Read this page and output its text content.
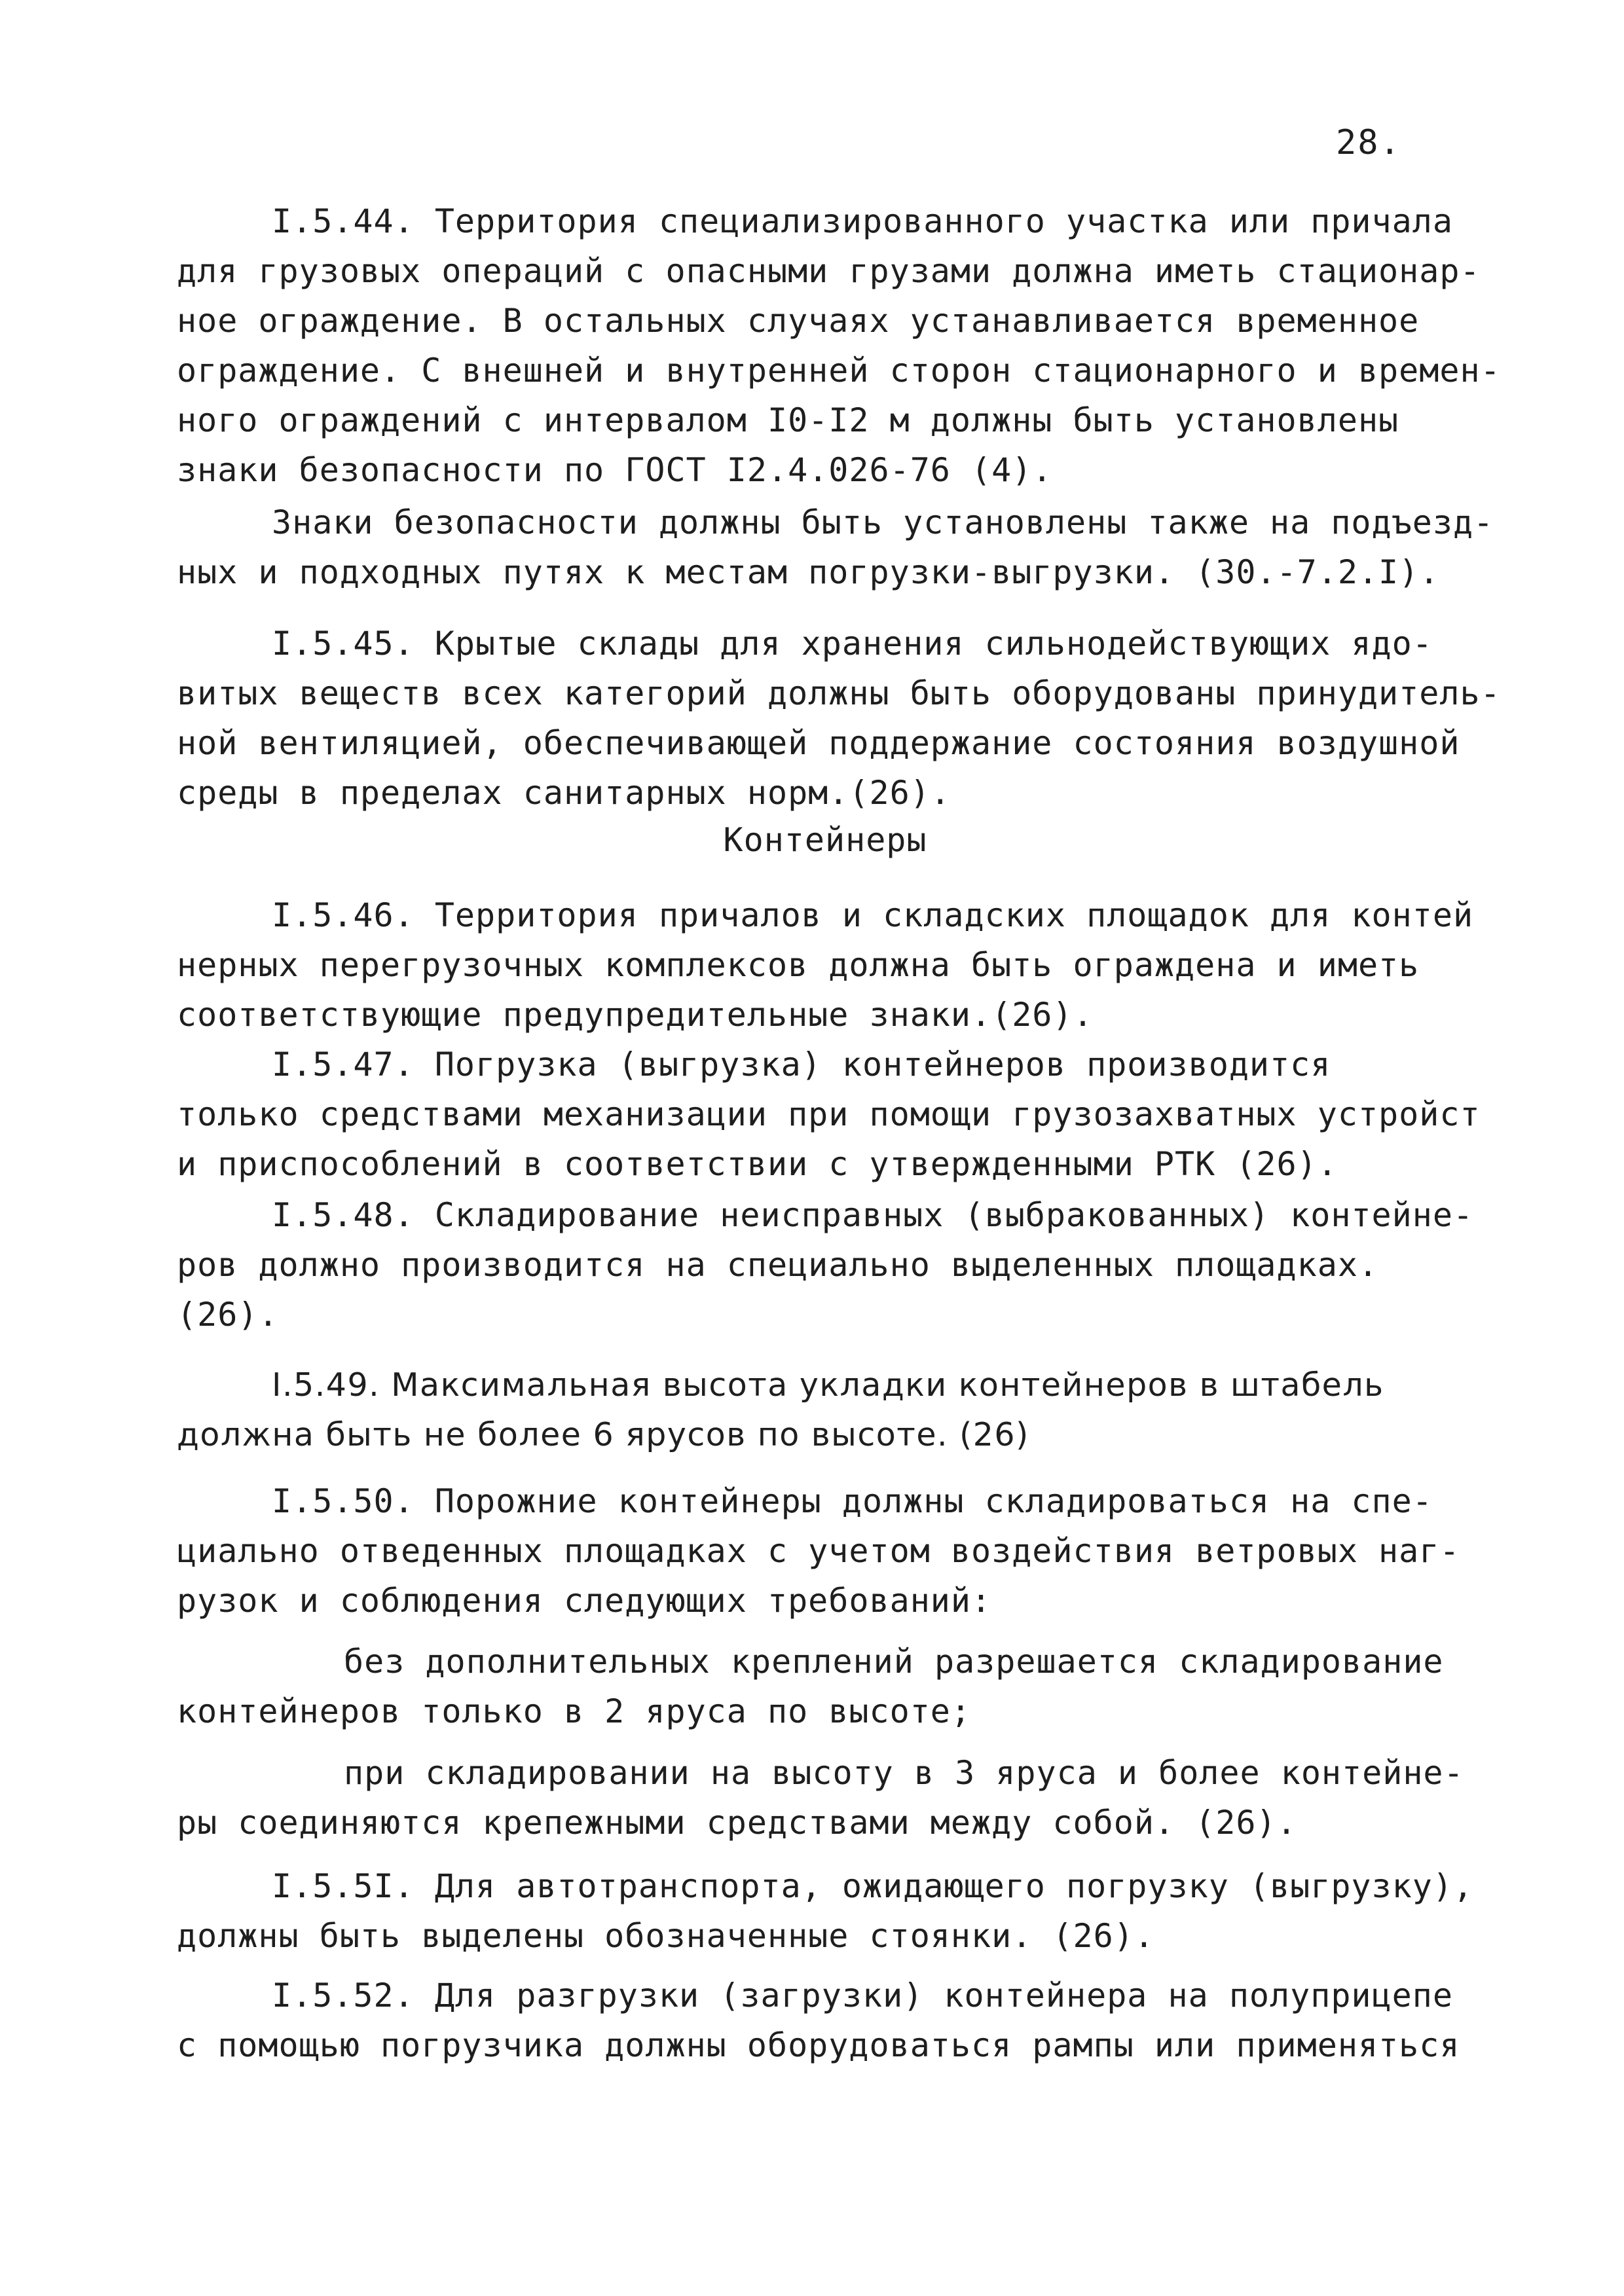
28.
I.5.44. Территория специализированного участка или причала
для грузовых операций с опасными грузами должна иметь стационар-
ное ограждение. В остальных случаях устанавливается временное
ограждение. С внешней и внутренней сторон стационарного и времен-
ного ограждений с интервалом I0-I2 м должны быть установлены
знаки безопасности по ГОСТ I2.4.026-76 (4).
Знаки безопасности должны быть установлены также на подъезд-
ных и подходных путях к местам погрузки-выгрузки. (30.-7.2.I).
I.5.45. Крытые склады для хранения сильнодействующих ядо-
витых веществ всех категорий должны быть оборудованы принудитель-
ной вентиляцией, обеспечивающей поддержание состояния воздушной
среды в пределах санитарных норм.(26).
Контейнеры
I.5.46. Территория причалов и складских площадок для контей
нерных перегрузочных комплексов должна быть ограждена и иметь
соответствующие предупредительные знаки.(26).
I.5.47. Погрузка (выгрузка) контейнеров производится
только средствами механизации при помощи грузозахватных устройст
и приспособлений в соответствии с утвержденными РТК (26).
I.5.48. Складирование неисправных (выбракованных) контейне-
ров должно производится на специально выделенных площадках.
(26).
I.5.49. Максимальная высота укладки контейнеров в штабель
должна быть не более 6 ярусов по высоте. (26)
I.5.50. Порожние контейнеры должны складироваться на спе-
циально отведенных площадках с учетом воздействия ветровых наг-
рузок и соблюдения следующих требований:
без дополнительных креплений разрешается складирование
контейнеров только в 2 яруса по высоте;
при складировании на высоту в 3 яруса и более контейне-
ры соединяются крепежными средствами между собой. (26).
I.5.5I. Для автотранспорта, ожидающего погрузку (выгрузку),
должны быть выделены обозначенные стоянки. (26).
I.5.52. Для разгрузки (загрузки) контейнера на полуприцепе
с помощью погрузчика должны оборудоваться рампы или применяться
